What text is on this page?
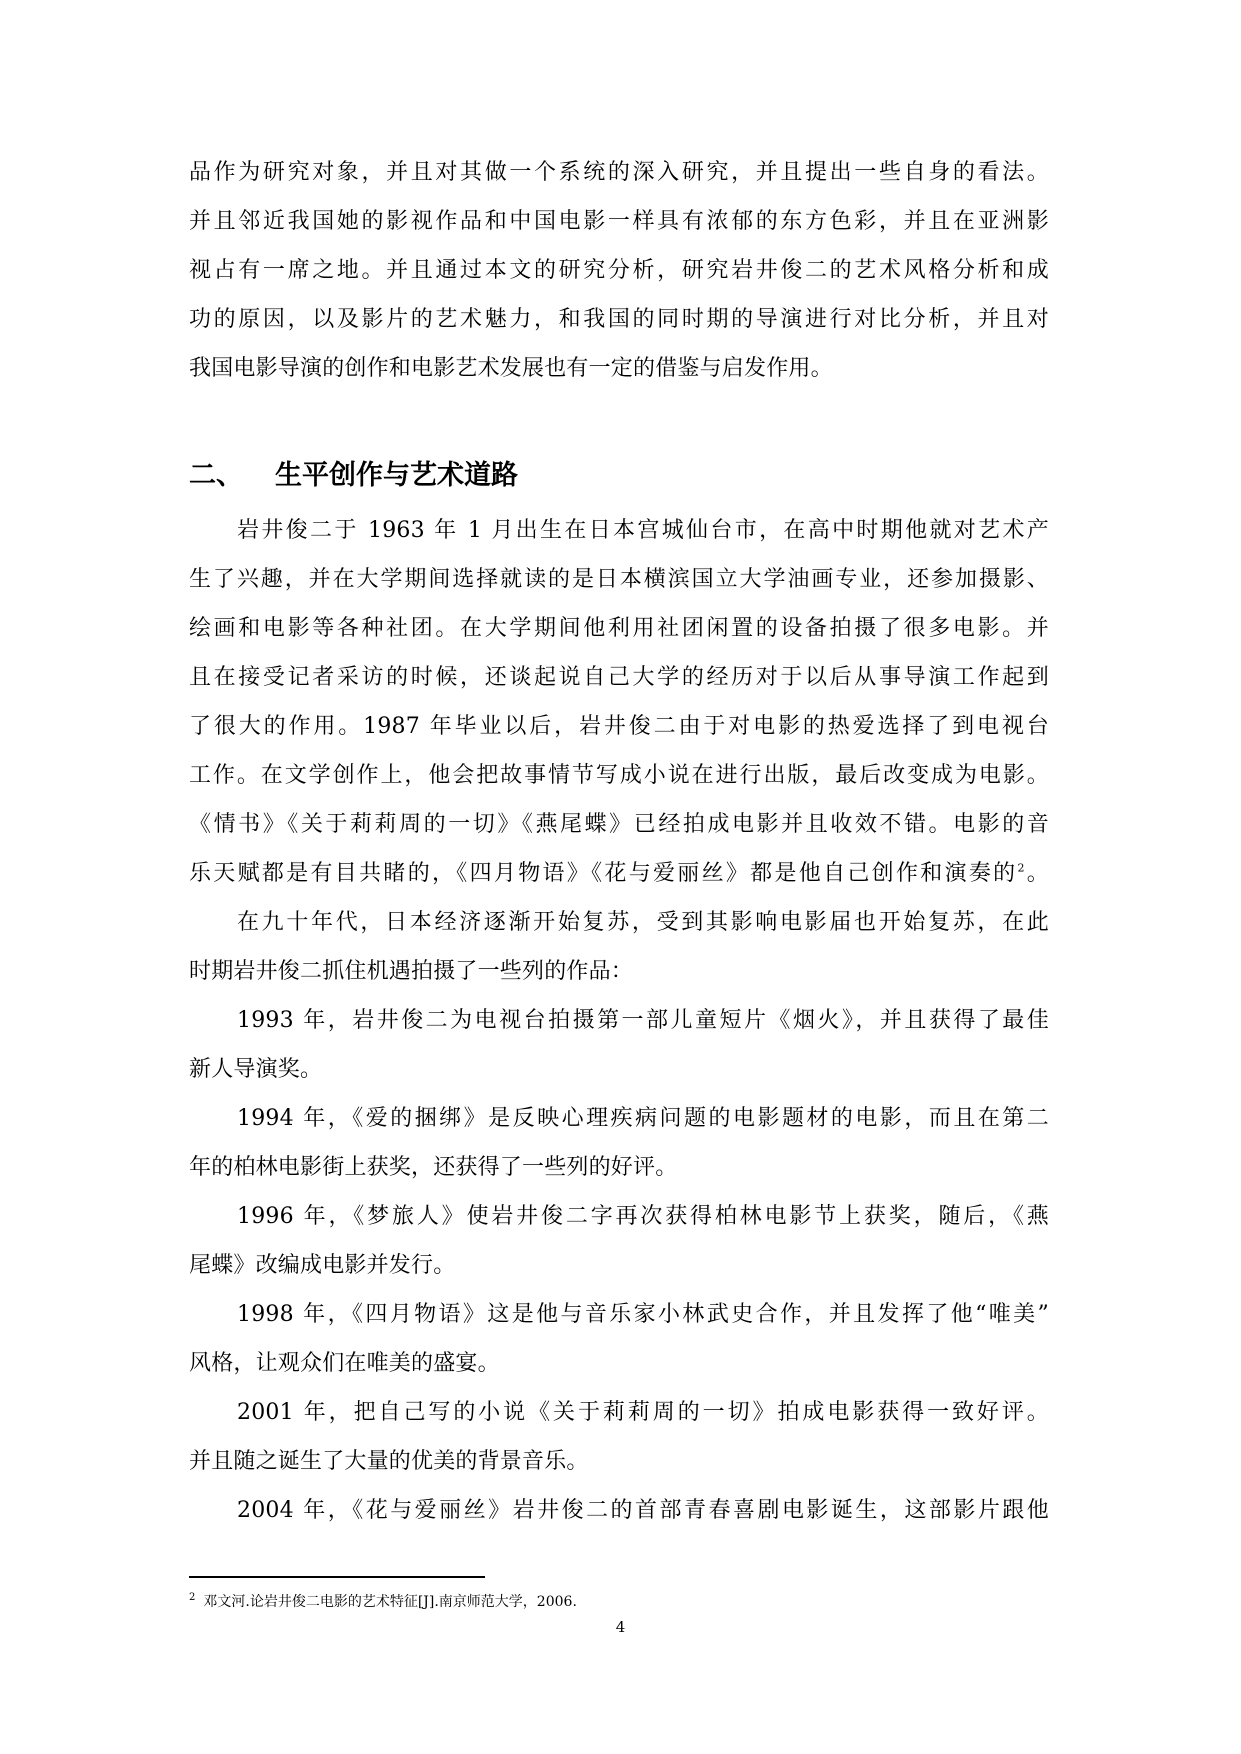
品作为研究对象，并且对其做一个系统的深入研究，并且提出一些自身的看法。
并且邻近我国她的影视作品和中国电影一样具有浓郁的东方色彩，并且在亚洲影
视占有一席之地。并且通过本文的研究分析，研究岩井俊二的艺术风格分析和成
功的原因，以及影片的艺术魅力，和我国的同时期的导演进行对比分析，并且对
我国电影导演的创作和电影艺术发展也有一定的借鉴与启发作用。
二、 生平创作与艺术道路
岩井俊二于 1963 年 1 月出生在日本宫城仙台市，在高中时期他就对艺术产
生了兴趣，并在大学期间选择就读的是日本横滨国立大学油画专业，还参加摄影、
绘画和电影等各种社团。在大学期间他利用社团闲置的设备拍摄了很多电影。并
且在接受记者采访的时候，还谈起说自己大学的经历对于以后从事导演工作起到
了很大的作用。1987 年毕业以后，岩井俊二由于对电影的热爱选择了到电视台
工作。在文学创作上，他会把故事情节写成小说在进行出版，最后改变成为电影。
《情书》《关于莉莉周的一切》《燕尾蝶》已经拍成电影并且收效不错。电影的音
乐天赋都是有目共睹的，《四月物语》《花与爱丽丝》都是他自己创作和演奏的$^2$。
在九十年代，日本经济逐渐开始复苏，受到其影响电影届也开始复苏，在此
时期岩井俊二抓住机遇拍摄了一些列的作品：
1993 年，岩井俊二为电视台拍摄第一部儿童短片《烟火》，并且获得了最佳
新人导演奖。
1994 年，《爱的捆绑》是反映心理疾病问题的电影题材的电影，而且在第二
年的柏林电影街上获奖，还获得了一些列的好评。
1996 年，《梦旅人》使岩井俊二字再次获得柏林电影节上获奖，随后，《燕
尾蝶》改编成电影并发行。
1998 年，《四月物语》这是他与音乐家小林武史合作，并且发挥了他“唯美”
风格，让观众们在唯美的盛宴。
2001 年，把自己写的小说《关于莉莉周的一切》拍成电影获得一致好评。
并且随之诞生了大量的优美的背景音乐。
2004 年，《花与爱丽丝》岩井俊二的首部青春喜剧电影诞生，这部影片跟他
$^2$ 邓文河.论岩井俊二电影的艺术特征[J].南京师范大学，2006.
4
